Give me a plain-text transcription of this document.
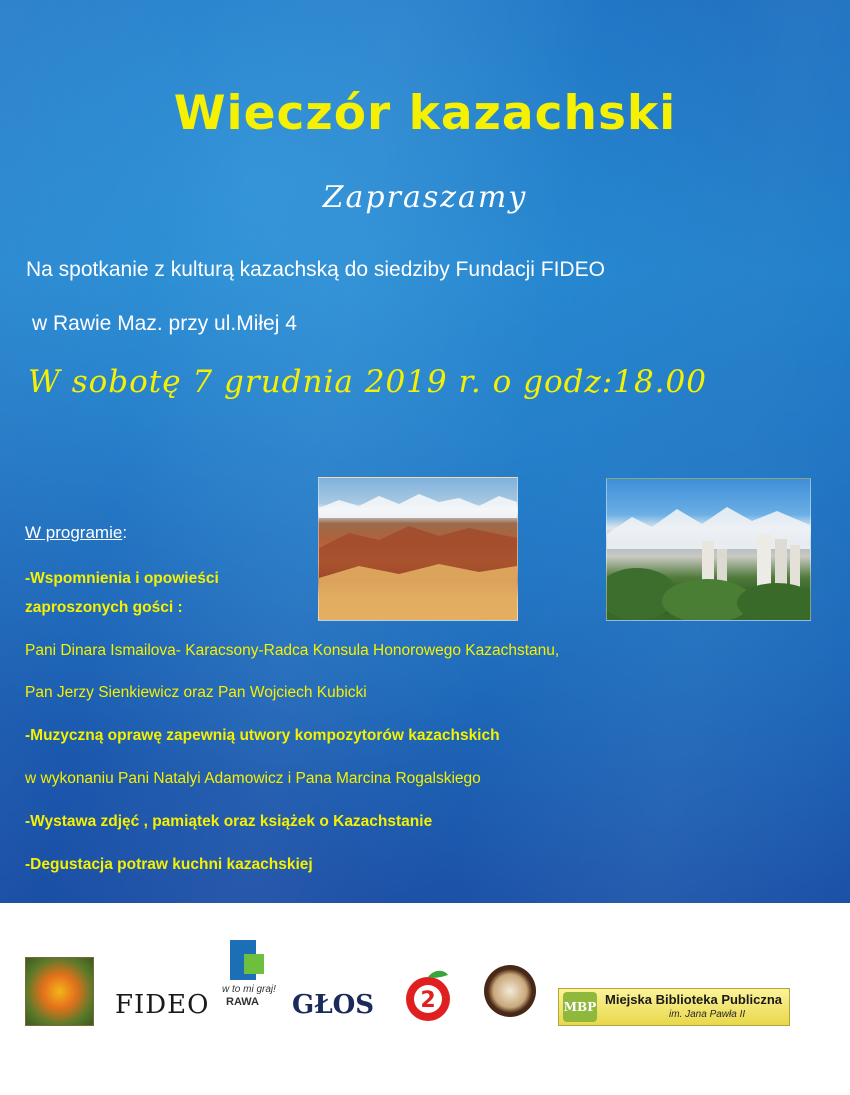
Wieczór kazachski
Zapraszamy
Na spotkanie z kulturą kazachską do siedziby Fundacji FIDEO
w Rawie Maz. przy ul.Miłej 4
W sobotę 7 grudnia 2019 r. o godz:18.00
W programie:
-Wspomnienia i opowieści
zaproszonych gości :
Pani Dinara Ismailova- Karacsony-Radca Konsula Honorowego Kazachstanu,
Pan Jerzy Sienkiewicz oraz Pan Wojciech Kubicki
-Muzyczną oprawę zapewnią utwory kompozytorów kazachskich
w wykonaniu Pani Natalyi Adamowicz i Pana Marcina Rogalskiego
-Wystawa zdjęć , pamiątek oraz książek o Kazachstanie
-Degustacja potraw kuchni kazachskiej
FIDEO
w to mi graj!
RAWA GŁOS 2	MBP Miejska Biblioteka Publiczna
im. Jana Pawła II
